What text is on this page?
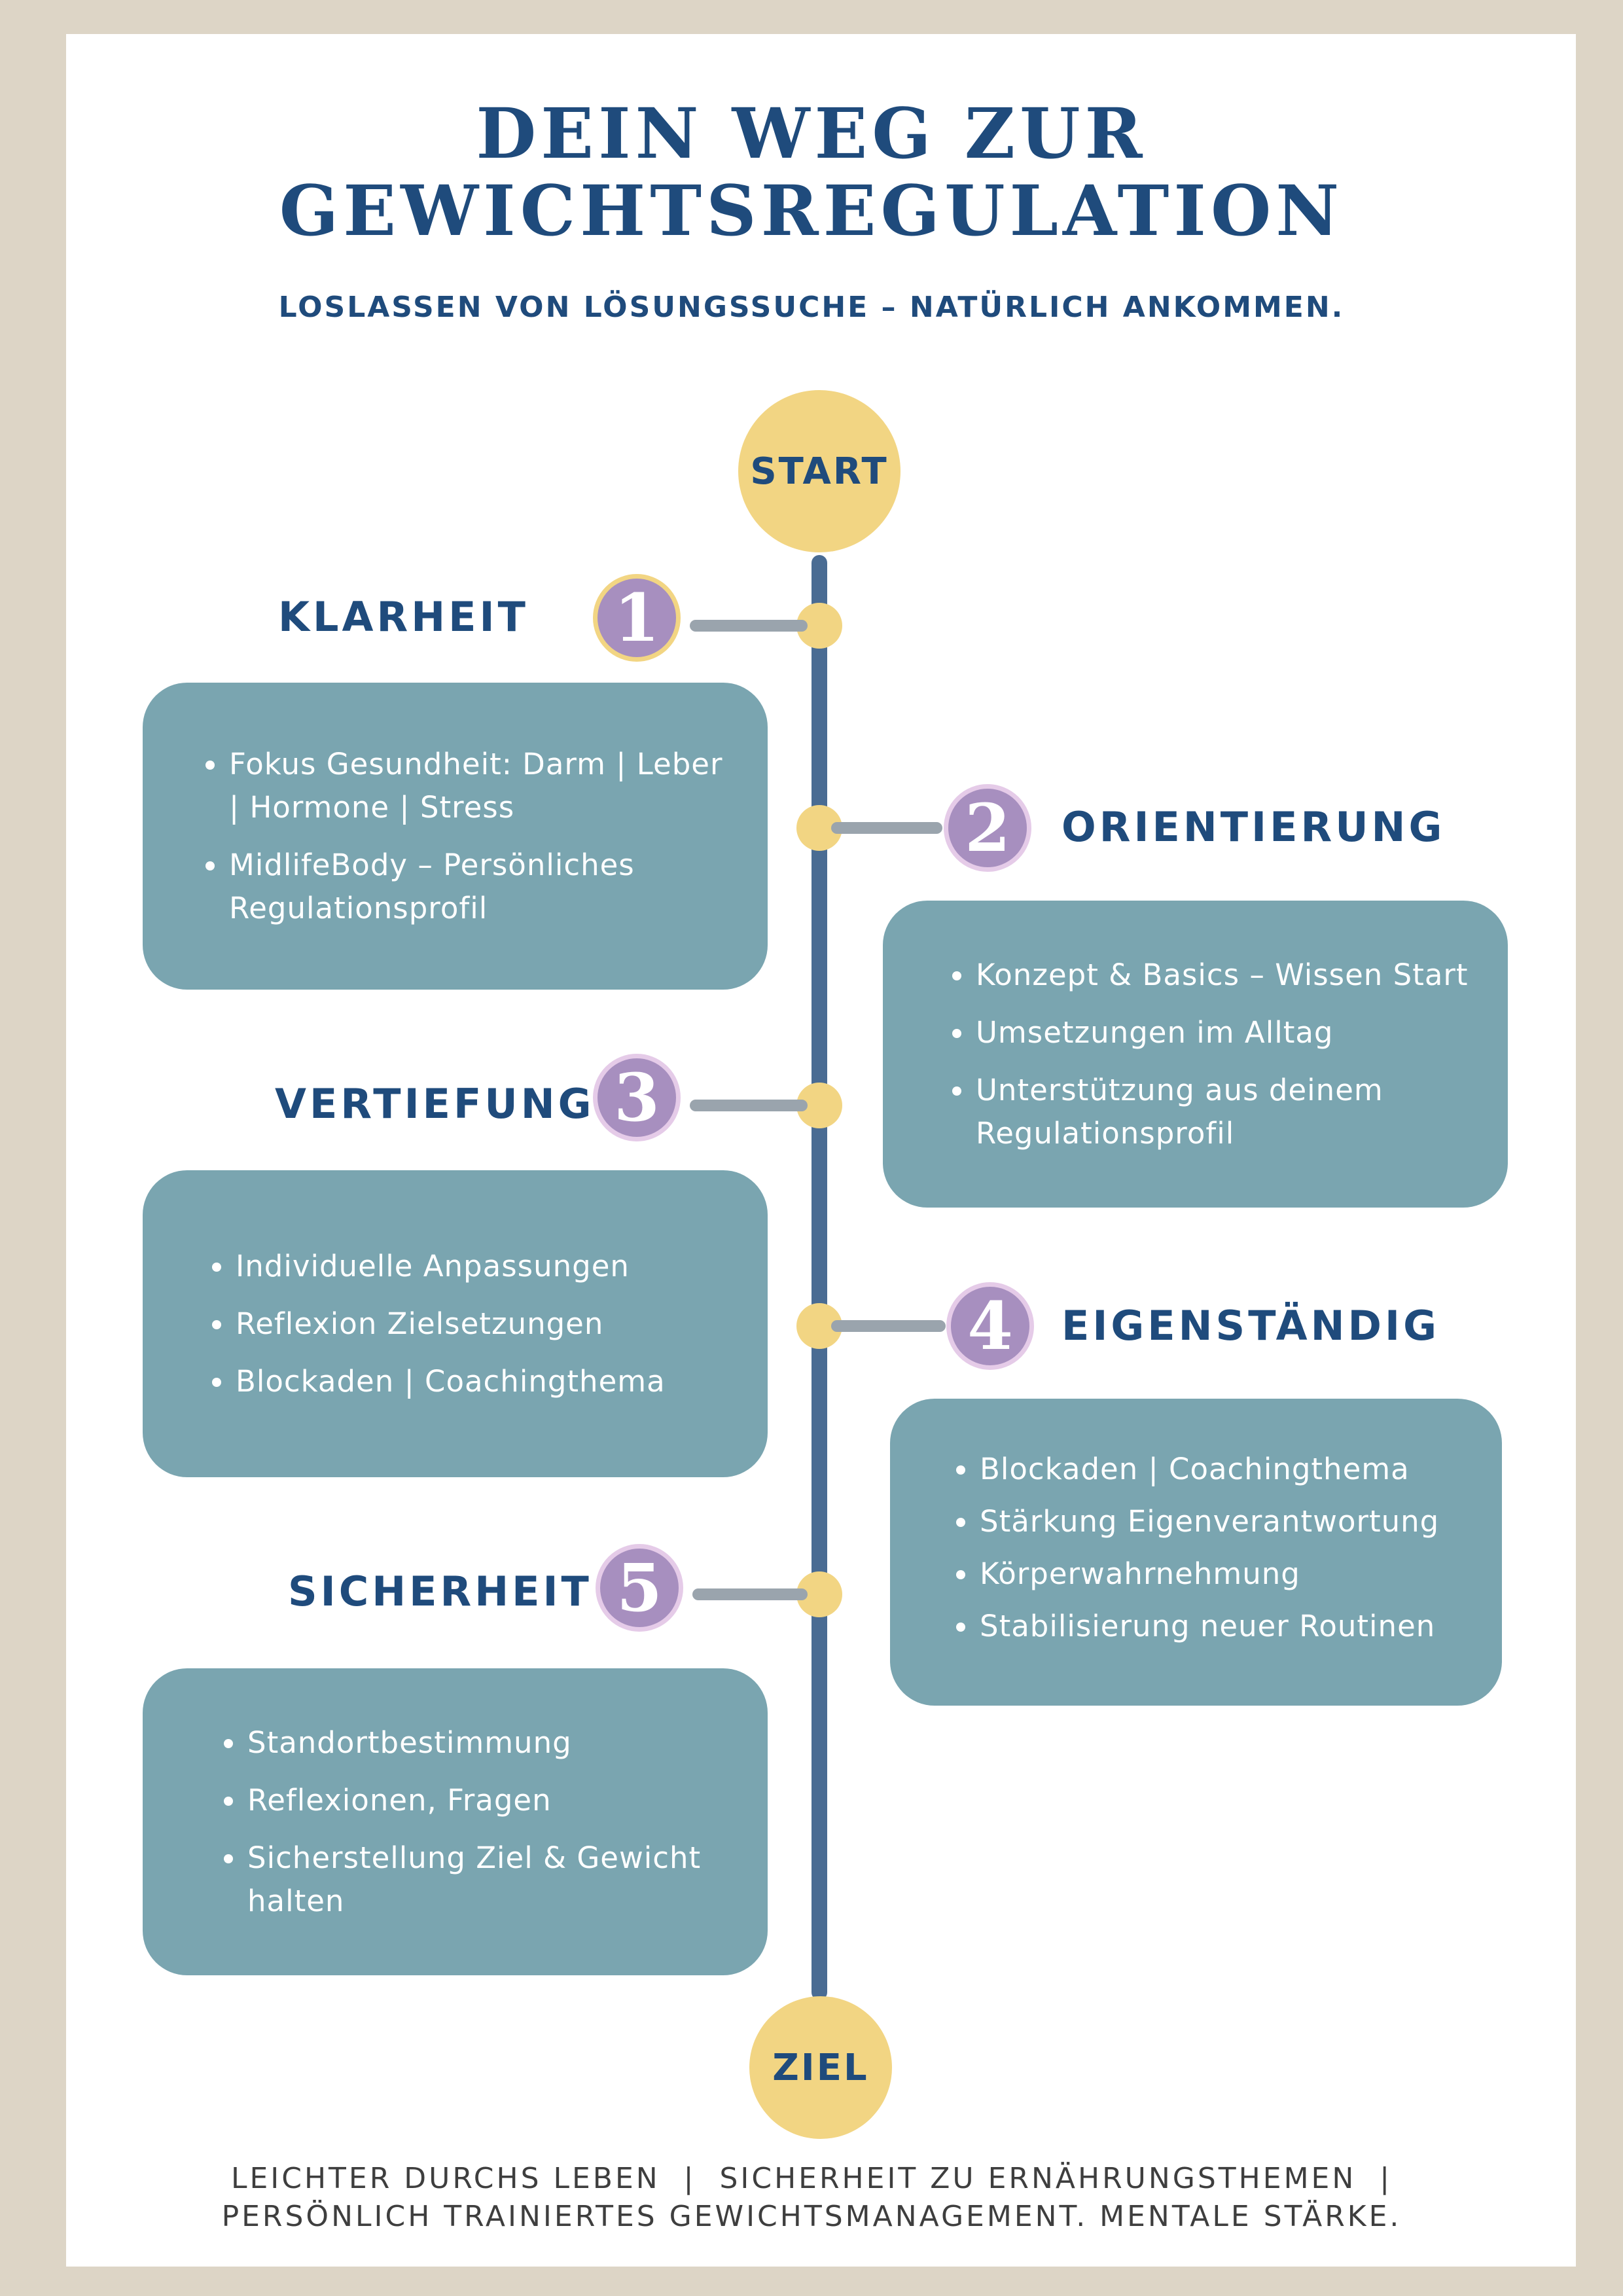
DEIN WEG ZUR
GEWICHTSREGULATION

LOSLASSEN VON LÖSUNGSSUCHE – NATÜRLICH ANKOMMEN.

START
ZIEL
1
KLARHEIT
Fokus Gesundheit: Darm | Leber | Hormone | Stress
MidlifeBody – Persönliches Regulationsprofil
2	ORIENTIERUNG
Konzept & Basics – Wissen Start
Umsetzungen im Alltag
Unterstützung aus deinem Regulationsprofil
3
VERTIEFUNG
Individuelle Anpassungen
Reflexion Zielsetzungen
Blockaden | Coachingthema
4	EIGENSTÄNDIG
Blockaden | Coachingthema
Stärkung Eigenverantwortung
Körperwahrnehmung
Stabilisierung neuer Routinen
5
SICHERHEIT
Standortbestimmung
Reflexionen, Fragen
Sicherstellung Ziel & Gewicht halten
LEICHTER DURCHS LEBEN  |  SICHERHEIT ZU ERNÄHRUNGSTHEMEN  |
PERSÖNLICH TRAINIERTES GEWICHTSMANAGEMENT. MENTALE STÄRKE.
